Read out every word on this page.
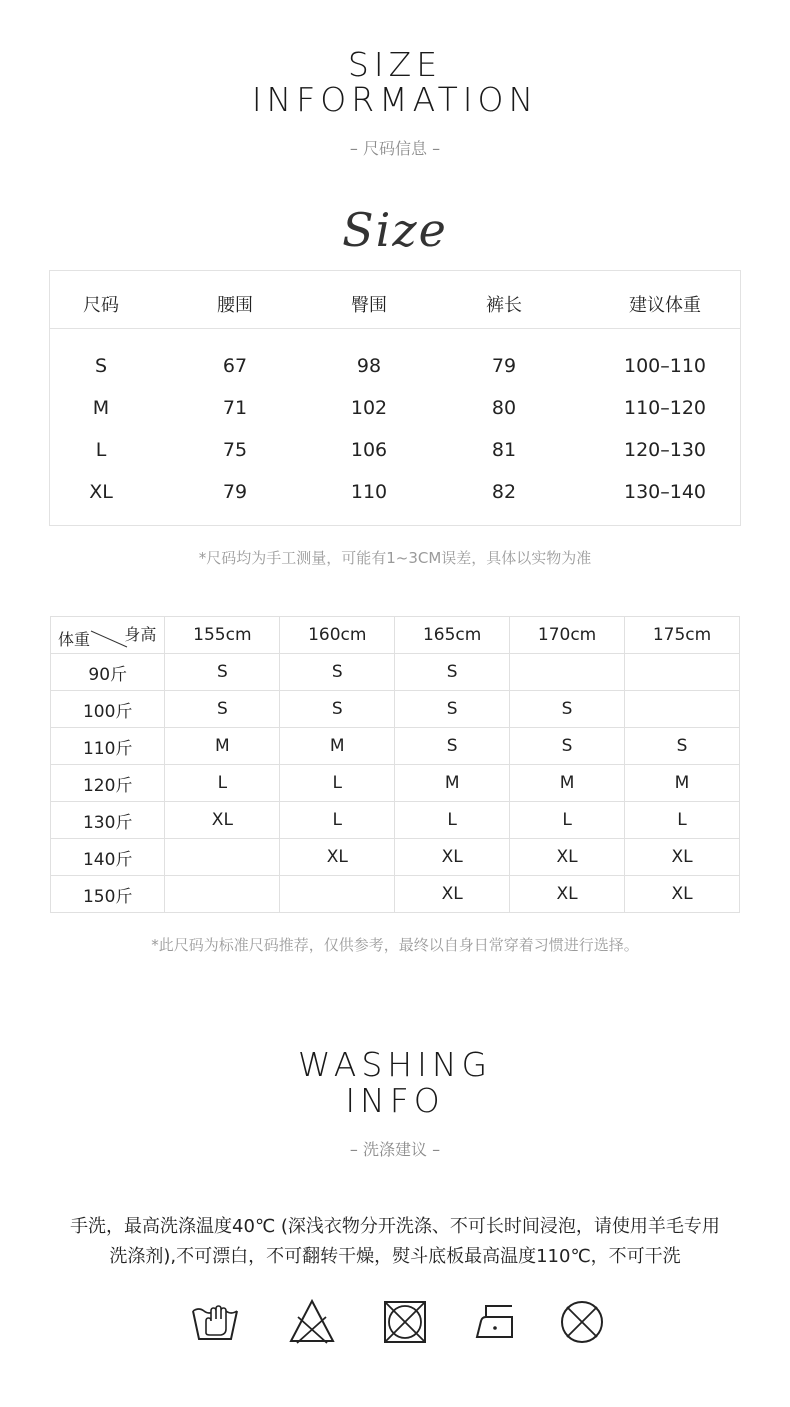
SIZE
INFORMATION
– 尺码信息 –
Size
尺码	腰围	臀围	裤长	建议体重
S	67	98	79	100–110
M	71	102	80	110–120
L	75	106	81	120–130
XL	79	110	82	130–140
*尺码均为手工测量，可能有1~3CM误差，具体以实物为准
体重 身高	155cm	160cm	165cm	170cm	175cm
90斤	S	S	S		
100斤	S	S	S	S	
110斤	M	M	S	S	S
120斤	L	L	M	M	M
130斤	XL	L	L	L	L
140斤		XL	XL	XL	XL
150斤			XL	XL	XL
*此尺码为标准尺码推荐，仅供参考，最终以自身日常穿着习惯进行选择。
WASHING
INFO
– 洗涤建议 –
手洗，最高洗涤温度40℃ (深浅衣物分开洗涤、不可长时间浸泡，请使用羊毛专用
洗涤剂),不可漂白，不可翻转干燥，熨斗底板最高温度110℃，不可干洗
